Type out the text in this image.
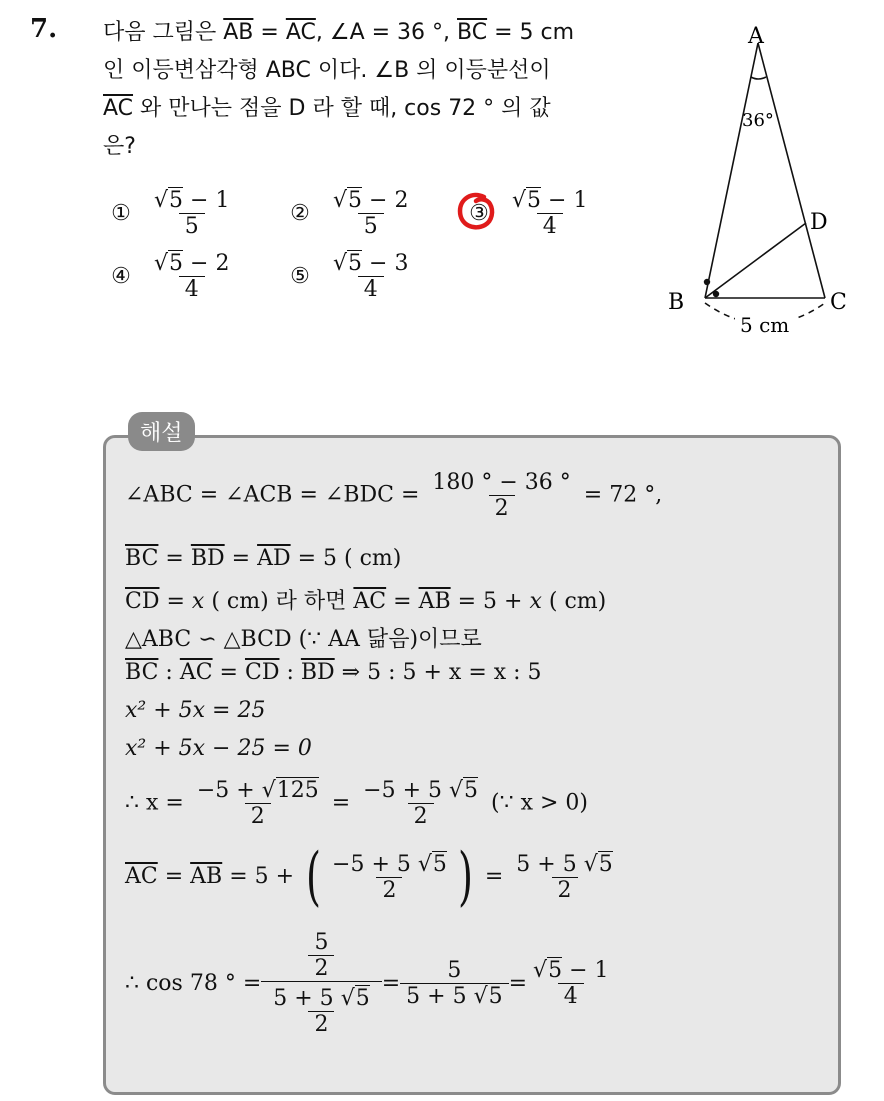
7. 다음 그림은 $\overline{AB} = \overline{AC}$, ∠A = 36 °, $\overline{BC} = 5$ cm
인 이등변삼각형 ABC 이다. ∠B 의 이등분선이
$\overline{AC}$ 와 만나는 점을 D 라 할 때, cos 72 ° 의 값
은?
① $\frac{√5 - 1}{5}$ ② $\frac{√5 - 2}{5}$ ③ $\frac{√5 - 1}{4}$
④ $\frac{√5 - 2}{4}$ ⑤ $\frac{√5 - 3}{4}$
A
B	C
D
36°
5 cm
해설
∠ABC = ∠ACB = ∠BDC = $\frac{180 ^\circ - 36 ^\circ}{2} = 72$ °,
$\overline{BC} = \overline{BD} = \overline{AD} = 5$ ( cm)
$\overline{CD} = x$ ( cm) 라 하면 $\overline{AC} = \overline{AB} = 5 + x$ ( cm)
△ABC ∽ △BCD (∵ AA 닮음)이므로
$\overline{BC}$ : $\overline{AC} = \overline{CD}$ : $\overline{BD}$ ⇒ 5 : 5 + x = x : 5
x² + 5x = 25
x² + 5x − 25 = 0
∴ $x = \frac{-5 + √125}{2} = \frac{-5 + 5 √5}{2}$ (∵ x > 0)
$\overline{AC} = \overline{AB} = 5$ + ( $\frac{-5 + 5 √5}{2}$ ) = $\frac{5 + 5 √5}{2}$
∴ cos 78 ° = $\frac{\frac{5}{2}}{\frac{5 + 5 √5}{2}} = \frac{5}{5 + 5 √5} = \frac{√5 - 1}{4}$
